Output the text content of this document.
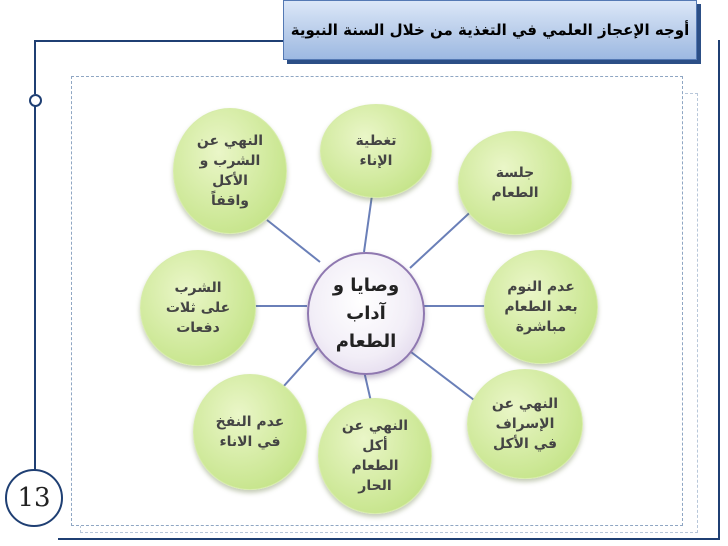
أوجه الإعجاز العلمي في التغذية من خلال السنة النبوية
تغطية الإناء
جلسة الطعام
عدم النوم بعد الطعام مباشرة
النهي عن الإسراف في الأكل
النهي عن أكل الطعام الحار
عدم النفخ في الاناء
الشرب على ثلات دفعات
النهي عن الشرب و الأكل واقفاً
وصايا و آداب الطعام
13
